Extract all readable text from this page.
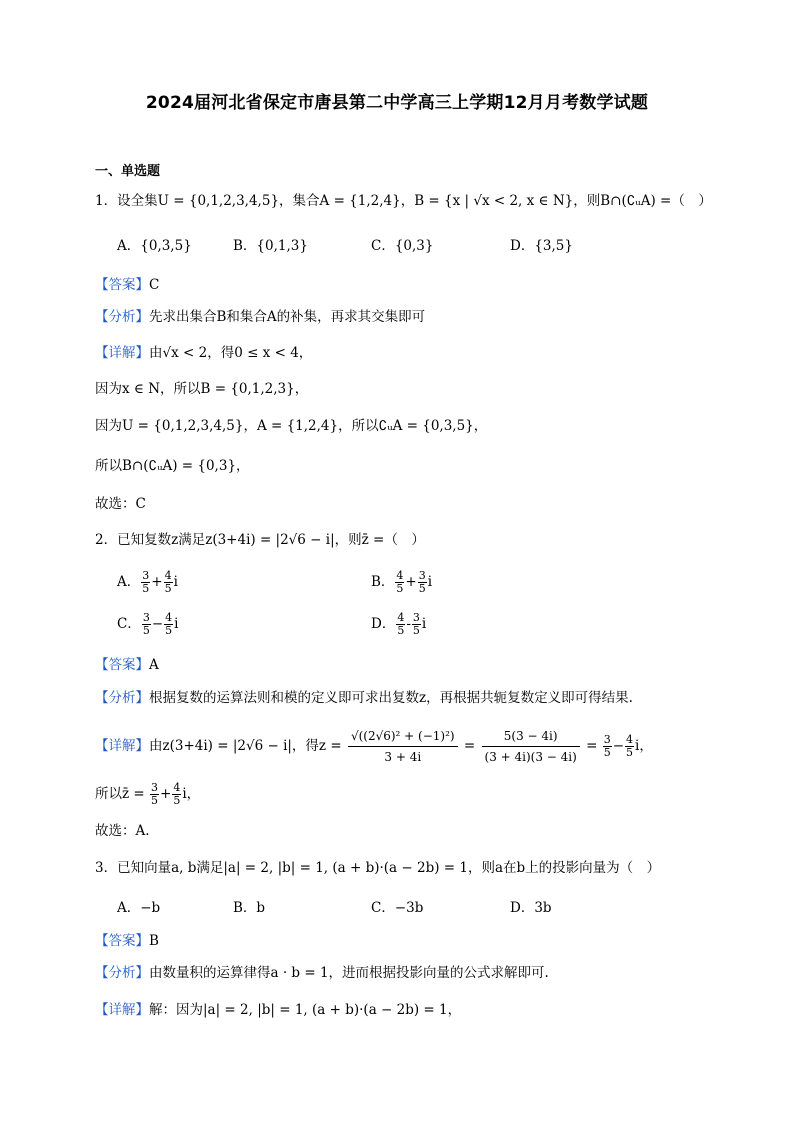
2024届河北省保定市唐县第二中学高三上学期12月月考数学试题
一、单选题
1．设全集U = {0,1,2,3,4,5}，集合A = {1,2,4}，B = {x | √x < 2, x ∈ N}，则B∩(∁ᵤA) =（　）
A．{0,3,5}	B．{0,1,3}	C．{0,3}	D．{3,5}
【答案】C
【分析】先求出集合B和集合A的补集，再求其交集即可
【详解】由√x < 2，得0 ≤ x < 4，
因为x ∈ N，所以B = {0,1,2,3}，
因为U = {0,1,2,3,4,5}，A = {1,2,4}，所以∁ᵤA = {0,3,5}，
所以B∩(∁ᵤA) = {0,3}，
故选：C
2．已知复数z满足z(3+4i) = |2√6 − i|，则z̄ =（　）
A． $\frac{3}{5} + \frac{4}{5}$ i	B． $\frac{4}{5} + \frac{3}{5}$ i
C． $\frac{3}{5} - \frac{4}{5}$ i	D． $\frac{4}{5} - \frac{3}{5}$ i
【答案】A
【分析】根据复数的运算法则和模的定义即可求出复数z，再根据共轭复数定义即可得结果.
【详解】由z(3+4i) = |2√6 − i|，得$z = \frac{\text{√((2√6)² + (−1)²)}}{3 + 4i} = \frac{5(3 - 4i)}{(3 + 4i)(3 - 4i)} = \frac{3}{5} - \frac{4}{5}$ i，
所以z̄ = $\frac{3}{5} + \frac{4}{5}$ i，
故选：A.
3．已知向量a, b满足|a| = 2, |b| = 1, (a + b)·(a − 2b) = 1，则a在b上的投影向量为（　）
A．−b	B．b	C．−3b	D．3b
【答案】B
【分析】由数量积的运算律得a · b = 1，进而根据投影向量的公式求解即可.
【详解】解：因为|a| = 2, |b| = 1, (a + b)·(a − 2b) = 1，
